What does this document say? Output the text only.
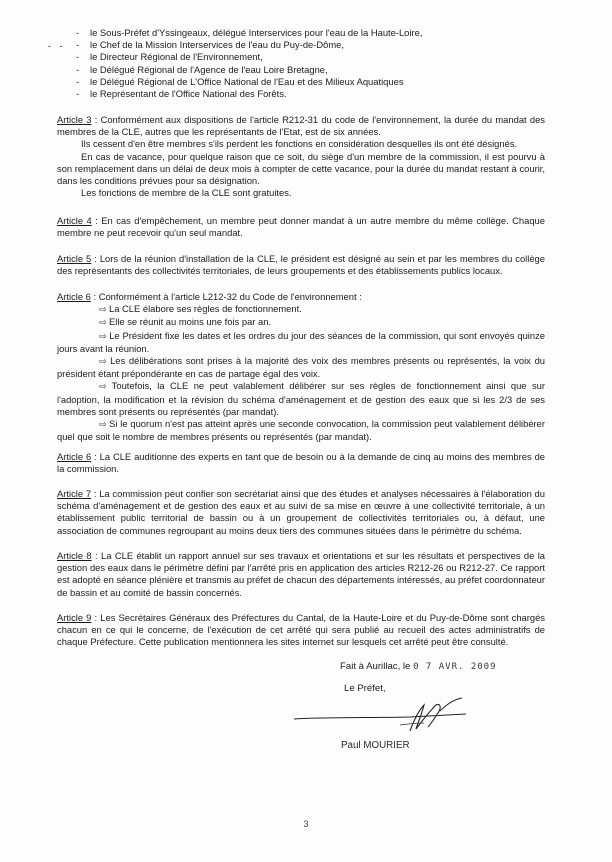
- -
- le Sous-Préfet d'Yssingeaux, délégué Interservices pour l'eau de la Haute-Loire,
- le Chef de la Mission Interservices de l'eau du Puy-de-Dôme,
- le Directeur Régional de l'Environnement,
- le Délégué Régional de l'Agence de l'eau Loire Bretagne,
- le Délégué Régional de L'Office National de l'Eau et des Milieux Aquatiques
- le Représentant de l'Office National des Forêts.

Article 3 : Conformément aux dispositions de l'article R212-31 du code de l'environnement, la durée du mandat des membres de la CLE, autres que les représentants de l'Etat, est de six années.

Ils cessent d'en être membres s'ils perdent les fonctions en considération desquelles ils ont été désignés.

En cas de vacance, pour quelque raison que ce soit, du siège d'un membre de la commission, il est pourvu à son remplacement dans un délai de deux mois à compter de cette vacance, pour la durée du mandat restant à courir, dans les conditions prévues pour sa désignation.

Les fonctions de membre de la CLE sont gratuites.

Article 4 : En cas d'empêchement, un membre peut donner mandat à un autre membre du même collège. Chaque membre ne peut recevoir qu'un seul mandat.

Article 5 : Lors de la réunion d'installation de la CLE, le président est désigné au sein et par les membres du collège des représentants des collectivités territoriales, de leurs groupements et des établissements publics locaux.

Article 6 : Conformément à l'article L212-32 du Code de l'environnement :

⇨ La CLE élabore ses règles de fonctionnement.

⇨ Elle se réunit au moins une fois par an.

⇨ Le Président fixe les dates et les ordres du jour des séances de la commission, qui sont envoyés quinze jours avant la réunion.

⇨ Les délibérations sont prises à la majorité des voix des membres présents ou représentés, la voix du président étant prépondérante en cas de partage égal des voix.

⇨ Toutefois, la CLE ne peut valablement délibérer sur ses règles de fonctionnement ainsi que sur l'adoption, la modification et la révision du schéma d'aménagement et de gestion des eaux que si les 2/3 de ses membres sont présents ou représentés (par mandat).

⇨ Si le quorum n'est pas atteint après une seconde convocation, la commission peut valablement délibérer quel que soit le nombre de membres présents ou représentés (par mandat).

Article 6 : La CLE auditionne des experts en tant que de besoin ou à la demande de cinq au moins des membres de la commission.

Article 7 : La commission peut confier son secrétariat ainsi que des études et analyses nécessaires à l'élaboration du schéma d'aménagement et de gestion des eaux et au suivi de sa mise en œuvre à une collectivité territoriale, à un établissement public territorial de bassin ou à un groupement de collectivités territoriales ou, à défaut, une association de communes regroupant au moins deux tiers des communes situées dans le périmètre du schéma.

Article 8 : La CLE établit un rapport annuel sur ses travaux et orientations et sur les résultats et perspectives de la gestion des eaux dans le périmètre défini par l'arrêté pris en application des articles R212-26 ou R212-27. Ce rapport est adopté en séance plénière et transmis au préfet de chacun des départements intéressés, au préfet coordonnateur de bassin et au comité de bassin concernés.

Article 9 : Les Secrétaires Généraux des Préfectures du Cantal, de la Haute-Loire et du Puy-de-Dôme sont chargés chacun en ce qui le concerne, de l'exécution de cet arrêté qui sera publié au recueil des actes administratifs de chaque Préfecture. Cette publication mentionnera les sites internet sur lesquels cet arrêté peut être consulté.

Fait à Aurillac, le 0 7 AVR. 2009
Le Préfet,
Paul MOURIER
3
